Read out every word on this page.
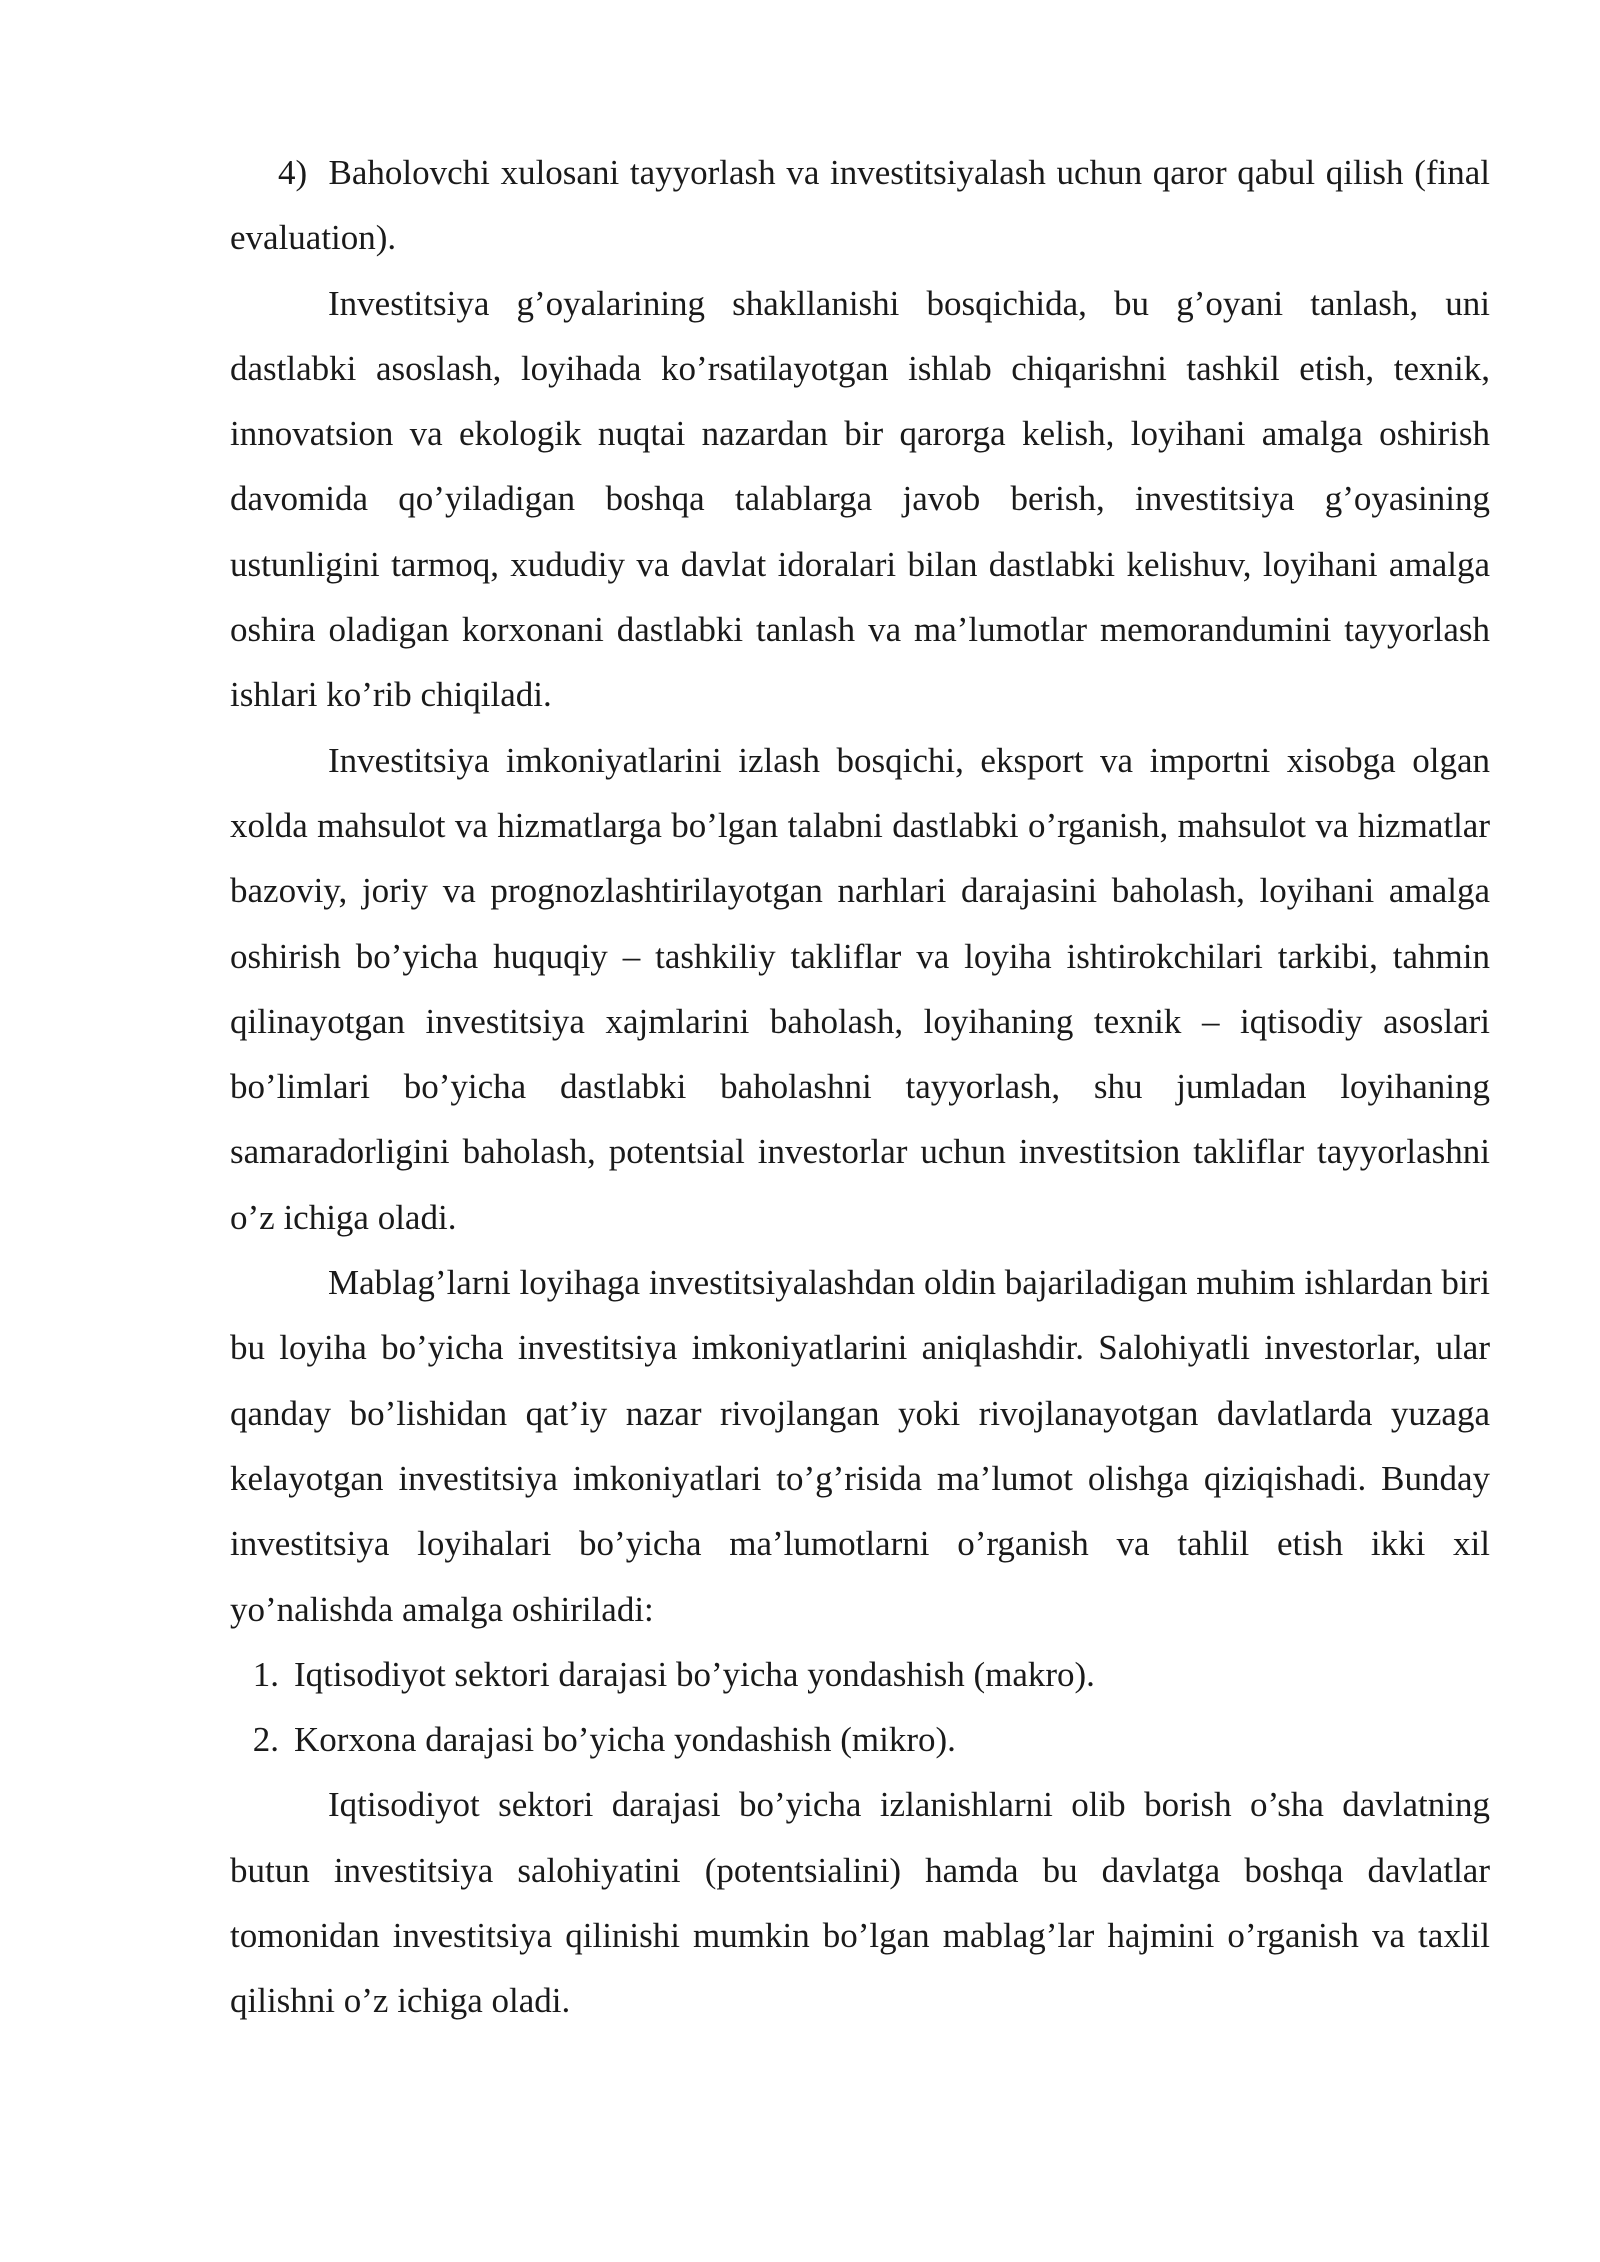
4) Baholovchi xulosani tayyorlash va investitsiyalash uchun qaror qabul qilish (final evaluation).

Investitsiya g’oyalarining shakllanishi bosqichida, bu g’oyani tanlash, uni dastlabki asoslash, loyihada ko’rsatilayotgan ishlab chiqarishni tashkil etish, texnik, innovatsion va ekologik nuqtai nazardan bir qarorga kelish, loyihani amalga oshirish davomida qo’yiladigan boshqa talablarga javob berish, investitsiya g’oyasining ustunligini tarmoq, xududiy va davlat idoralari bilan dastlabki kelishuv, loyihani amalga oshira oladigan korxonani dastlabki tanlash va ma’lumotlar memorandumini tayyorlash ishlari ko’rib chiqiladi.

Investitsiya imkoniyatlarini izlash bosqichi, eksport va importni xisobga olgan xolda mahsulot va hizmatlarga bo’lgan talabni dastlabki o’rganish, mahsulot va hizmatlar bazoviy, joriy va prognozlashtirilayotgan narhlari darajasini baholash, loyihani amalga oshirish bo’yicha huquqiy – tashkiliy takliflar va loyiha ishtirokchilari tarkibi, tahmin qilinayotgan investitsiya xajmlarini baholash, loyihaning texnik – iqtisodiy asoslari bo’limlari bo’yicha dastlabki baholashni tayyorlash, shu jumladan loyihaning samaradorligini baholash, potentsial investorlar uchun investitsion takliflar tayyorlashni o’z ichiga oladi.

Mablag’larni loyihaga investitsiyalashdan oldin bajariladigan muhim ishlardan biri bu loyiha bo’yicha investitsiya imkoniyatlarini aniqlashdir. Salohiyatli investorlar, ular qanday bo’lishidan qat’iy nazar rivojlangan yoki rivojlanayotgan davlatlarda yuzaga kelayotgan investitsiya imkoniyatlari to’g’risida ma’lumot olishga qiziqishadi. Bunday investitsiya loyihalari bo’yicha ma’lumotlarni o’rganish va tahlil etish ikki xil yo’nalishda amalga oshiriladi:

1. Iqtisodiyot sektori darajasi bo’yicha yondashish (makro).

2. Korxona darajasi bo’yicha yondashish (mikro).

Iqtisodiyot sektori darajasi bo’yicha izlanishlarni olib borish o’sha davlatning butun investitsiya salohiyatini (potentsialini) hamda bu davlatga boshqa davlatlar tomonidan investitsiya qilinishi mumkin bo’lgan mablag’lar hajmini o’rganish va taxlil qilishni o’z ichiga oladi.
